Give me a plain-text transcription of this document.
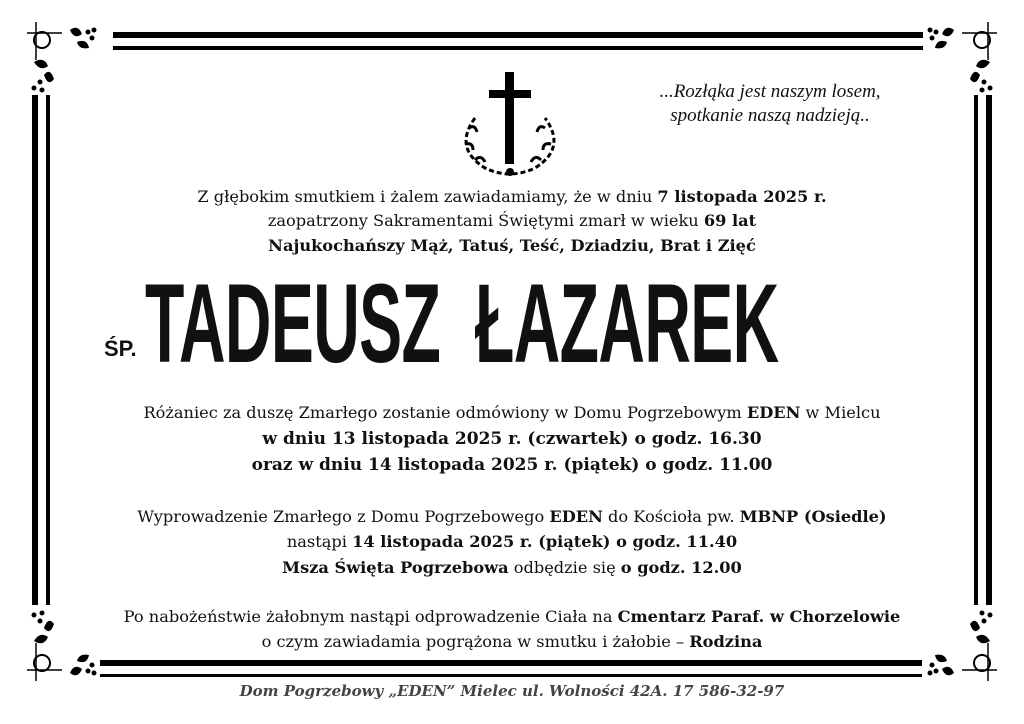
...Rozłąka jest naszym losem,
spotkanie naszą nadzieją..
Z głębokim smutkiem i żalem zawiadamiamy, że w dniu 7 listopada 2025 r.
zaopatrzony Sakramentami Świętymi zmarł w wieku 69 lat
Najukochańszy Mąż, Tatuś, Teść, Dziadziu, Brat i Zięć
ŚP. TADEUSZ  ŁAZAREK
Różaniec za duszę Zmarłego zostanie odmówiony w Domu Pogrzebowym EDEN w Mielcu
w dniu 13 listopada 2025 r. (czwartek) o godz. 16.30
oraz w dniu 14 listopada 2025 r. (piątek) o godz. 11.00
Wyprowadzenie Zmarłego z Domu Pogrzebowego EDEN do Kościoła pw. MBNP (Osiedle)
nastąpi 14 listopada 2025 r. (piątek) o godz. 11.40
Msza Święta Pogrzebowa odbędzie się o godz. 12.00
Po nabożeństwie żałobnym nastąpi odprowadzenie Ciała na Cmentarz Paraf. w Chorzelowie
o czym zawiadamia pogrążona w smutku i żałobie – Rodzina
Dom Pogrzebowy „EDEN” Mielec ul. Wolności 42A. 17 586-32-97
